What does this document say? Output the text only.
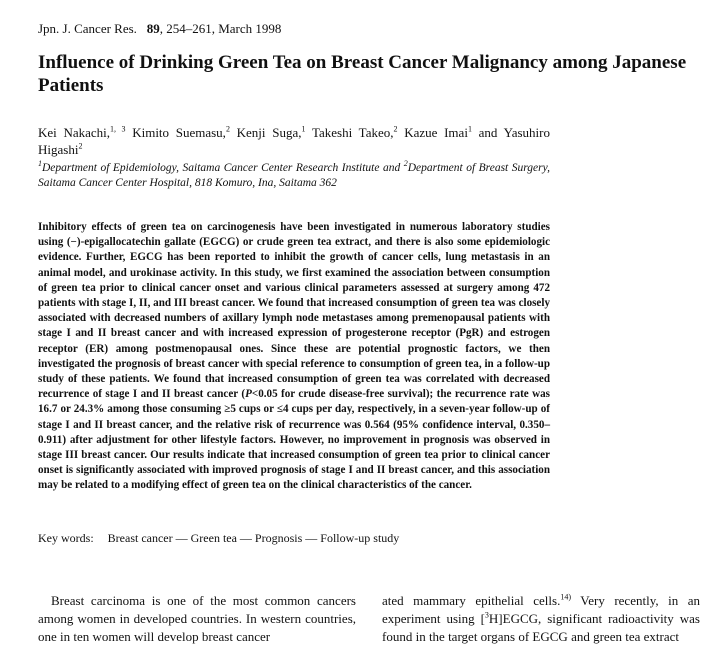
Jpn. J. Cancer Res. 89, 254–261, March 1998
Influence of Drinking Green Tea on Breast Cancer Malignancy among Japanese Patients
Kei Nakachi,$^{1, 3}$ Kimito Suemasu,$^2$ Kenji Suga,$^1$ Takeshi Takeo,$^2$ Kazue Imai$^1$ and Yasuhiro Higashi$^2$
$^1$Department of Epidemiology, Saitama Cancer Center Research Institute and $^2$Department of Breast Surgery, Saitama Cancer Center Hospital, 818 Komuro, Ina, Saitama 362
Inhibitory effects of green tea on carcinogenesis have been investigated in numerous laboratory studies using (−)-epigallocatechin gallate (EGCG) or crude green tea extract, and there is also some epidemiologic evidence. Further, EGCG has been reported to inhibit the growth of cancer cells, lung metastasis in an animal model, and urokinase activity. In this study, we first examined the association between consumption of green tea prior to clinical cancer onset and various clinical parameters assessed at surgery among 472 patients with stage I, II, and III breast cancer. We found that increased consumption of green tea was closely associated with decreased numbers of axillary lymph node metastases among premenopausal patients with stage I and II breast cancer and with increased expression of progesterone receptor (PgR) and estrogen receptor (ER) among postmenopausal ones. Since these are potential prognostic factors, we then investigated the prognosis of breast cancer with special reference to consumption of green tea, in a follow-up study of these patients. We found that increased consumption of green tea was correlated with decreased recurrence of stage I and II breast cancer (P<0.05 for crude disease-free survival); the recurrence rate was 16.7 or 24.3% among those consuming ≥5 cups or ≤4 cups per day, respectively, in a seven-year follow-up of stage I and II breast cancer, and the relative risk of recurrence was 0.564 (95% confidence interval, 0.350–0.911) after adjustment for other lifestyle factors. However, no improvement in prognosis was observed in stage III breast cancer. Our results indicate that increased consumption of green tea prior to clinical cancer onset is significantly associated with improved prognosis of stage I and II breast cancer, and this association may be related to a modifying effect of green tea on the clinical characteristics of the cancer.
Key words: Breast cancer — Green tea — Prognosis — Follow-up study

Breast carcinoma is one of the most common cancers among women in developed countries. In western countries, one in ten women will develop breast cancer

ated mammary epithelial cells.$^{14)}$ Very recently, in an experiment using [$^3$H]EGCG, significant radioactivity was found in the target organs of EGCG and green tea extract
